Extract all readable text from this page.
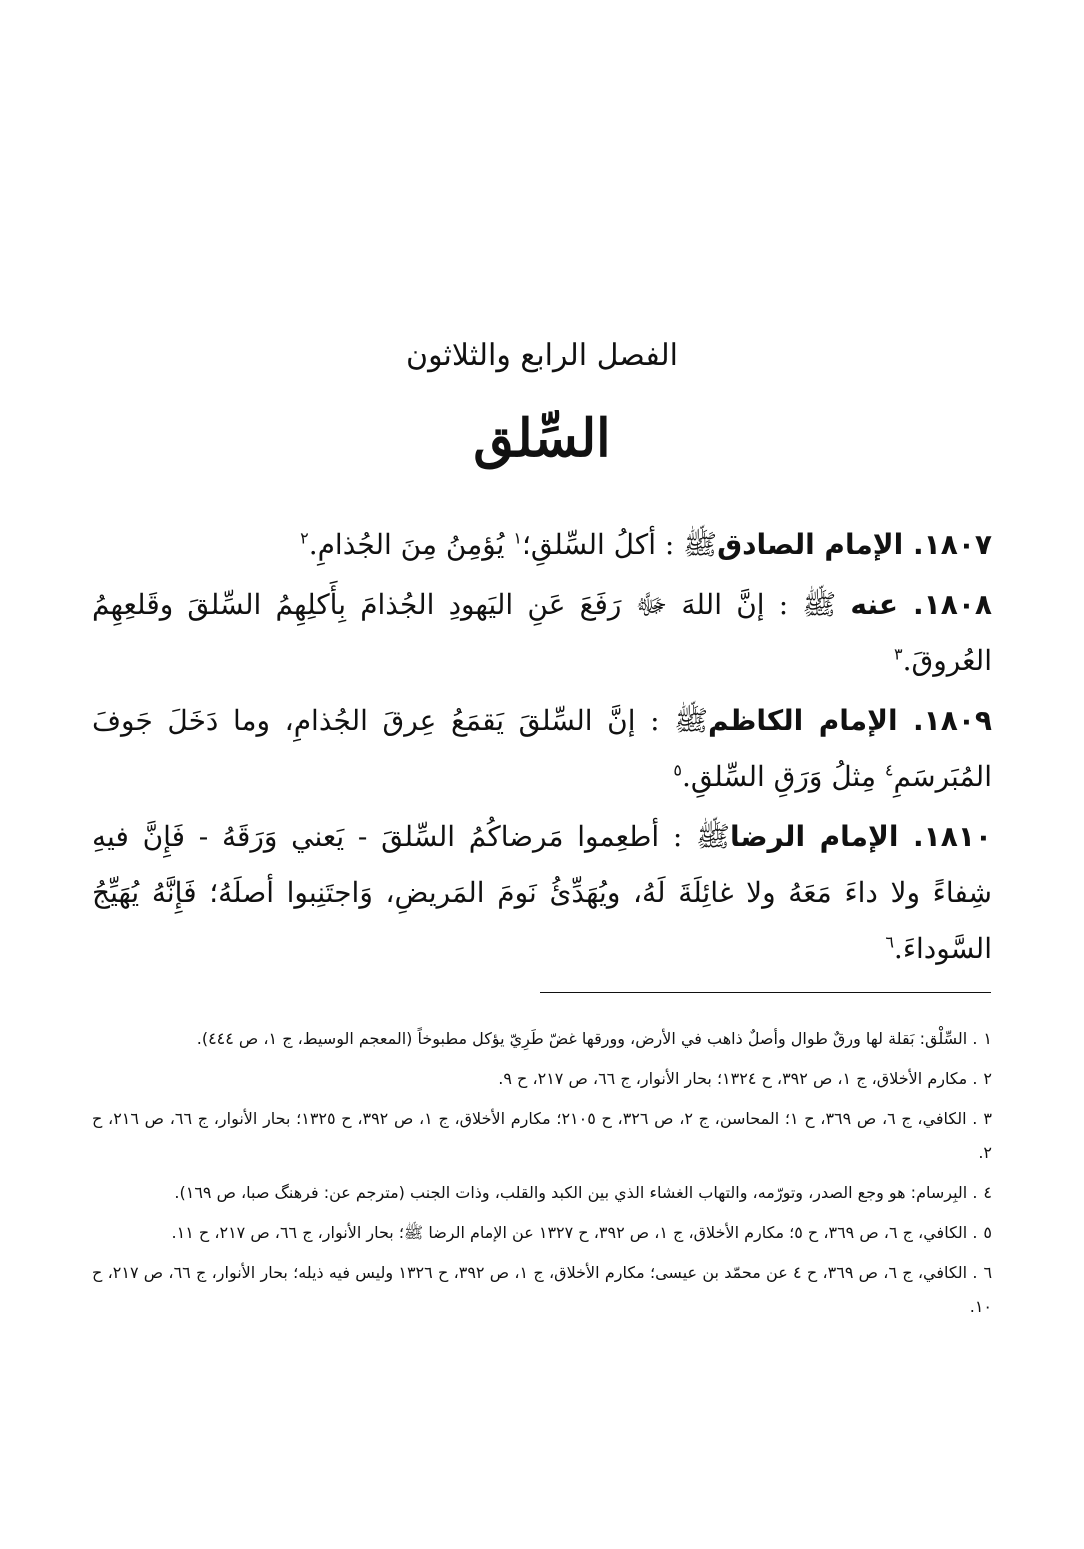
الفصل الرابع والثلاثون
السِّلق

١٨٠٧. الإمام الصادقﷺ : أكلُ السِّلقِ؛$^١$ يُؤمِنُ مِنَ الجُذامِ.$^٢$

١٨٠٨. عنه ﷺ : إنَّ اللهَ ﷻ رَفَعَ عَنِ اليَهودِ الجُذامَ بِأَكلِهِمُ السِّلقَ وقَلعِهِمُ العُروقَ.$^٣$

١٨٠٩. الإمام الكاظمﷺ : إنَّ السِّلقَ يَقمَعُ عِرقَ الجُذامِ، وما دَخَلَ جَوفَ المُبَرسَمِ$^٤$ مِثلُ وَرَقِ السِّلقِ.$^٥$

١٨١٠. الإمام الرضاﷺ : أطعِموا مَرضاكُمُ السِّلقَ - يَعني وَرَقَهُ - فَإِنَّ فيهِ شِفاءً ولا داءَ مَعَهُ ولا غائِلَةَ لَهُ، ويُهَدِّئُ نَومَ المَريضِ، وَاجتَنِبوا أصلَهُ؛ فَإِنَّهُ يُهَيِّجُ السَّوداءَ.$^٦$

١. السِّلْق: بَقلة لها ورقٌ طوال وأصلٌ ذاهب في الأرض، وورقها غضّ طَرِيّ يؤكل مطبوخاً (المعجم الوسيط، ج ١، ص ٤٤٤).

٢. مكارم الأخلاق، ج ١، ص ٣٩٢، ح ١٣٢٤؛ بحار الأنوار، ج ٦٦، ص ٢١٧، ح ٩.

٣. الكافي، ج ٦، ص ٣٦٩، ح ١؛ المحاسن، ج ٢، ص ٣٢٦، ح ٢١٠٥؛ مكارم الأخلاق، ج ١، ص ٣٩٢، ح ١٣٢٥؛ بحار الأنوار، ج ٦٦، ص ٢١٦، ح ٢.

٤. البِرسام: هو وجع الصدر، وتورّمه، والتهاب الغشاء الذي بين الكبد والقلب، وذات الجنب (مترجم عن: فرهنگ صبا، ص ١٦٩).

٥. الكافي، ج ٦، ص ٣٦٩، ح ٥؛ مكارم الأخلاق، ج ١، ص ٣٩٢، ح ١٣٢٧ عن الإمام الرضا ﷺ؛ بحار الأنوار، ج ٦٦، ص ٢١٧، ح ١١.

٦. الكافي، ج ٦، ص ٣٦٩، ح ٤ عن محمّد بن عيسى؛ مكارم الأخلاق، ج ١، ص ٣٩٢، ح ١٣٢٦ وليس فيه ذيله؛ بحار الأنوار، ج ٦٦، ص ٢١٧، ح ١٠.
